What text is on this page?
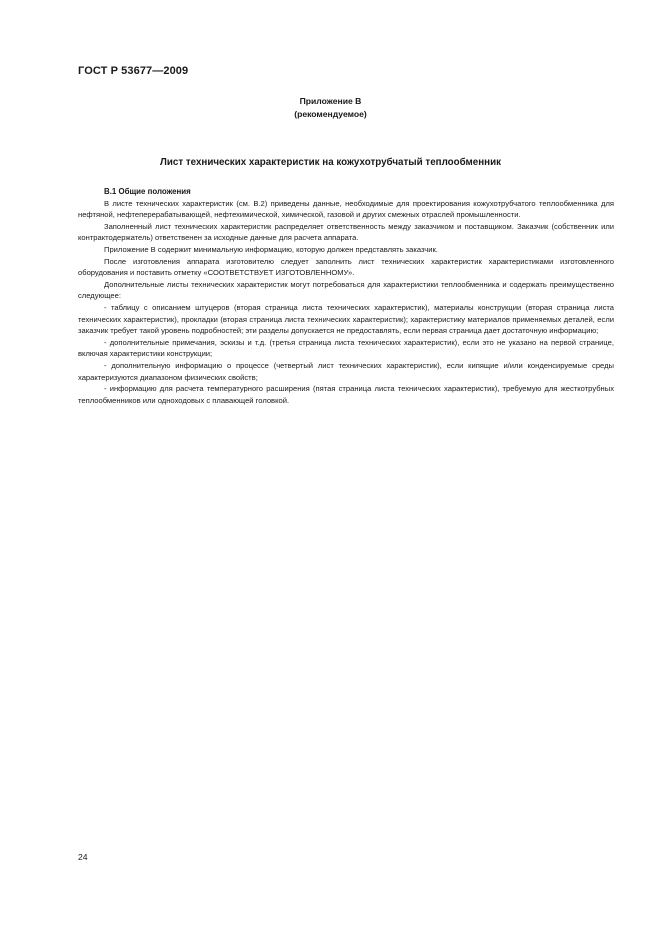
ГОСТ Р 53677—2009
Приложение В
(рекомендуемое)
Лист технических характеристик на кожухотрубчатый теплообменник
В.1 Общие положения

В листе технических характеристик (см. В.2) приведены данные, необходимые для проектирования кожухотрубчатого теплообменника для нефтяной, нефтеперерабатывающей, нефтехимической, химической, газовой и других смежных отраслей промышленности.

Заполненный лист технических характеристик распределяет ответственность между заказчиком и поставщиком. Заказчик (собственник или контрактодержатель) ответственен за исходные данные для расчета аппарата.

Приложение В содержит минимальную информацию, которую должен представлять заказчик.

После изготовления аппарата изготовителю следует заполнить лист технических характеристик характеристиками изготовленного оборудования и поставить отметку «СООТВЕТСТВУЕТ ИЗГОТОВЛЕННОМУ».

Дополнительные листы технических характеристик могут потребоваться для характеристики теплообменника и содержать преимущественно следующее:

- таблицу с описанием штуцеров (вторая страница листа технических характеристик), материалы конструкции (вторая страница листа технических характеристик), прокладки (вторая страница листа технических характеристик); характеристику материалов применяемых деталей, если заказчик требует такой уровень подробностей; эти разделы допускается не предоставлять, если первая страница дает достаточную информацию;

- дополнительные примечания, эскизы и т.д. (третья страница листа технических характеристик), если это не указано на первой странице, включая характеристики конструкции;

- дополнительную информацию о процессе (четвертый лист технических характеристик), если кипящие и/или конденсируемые среды характеризуются диапазоном физических свойств;

- информацию для расчета температурного расширения (пятая страница листа технических характеристик), требуемую для жесткотрубных теплообменников или одноходовых с плавающей головкой.

24
